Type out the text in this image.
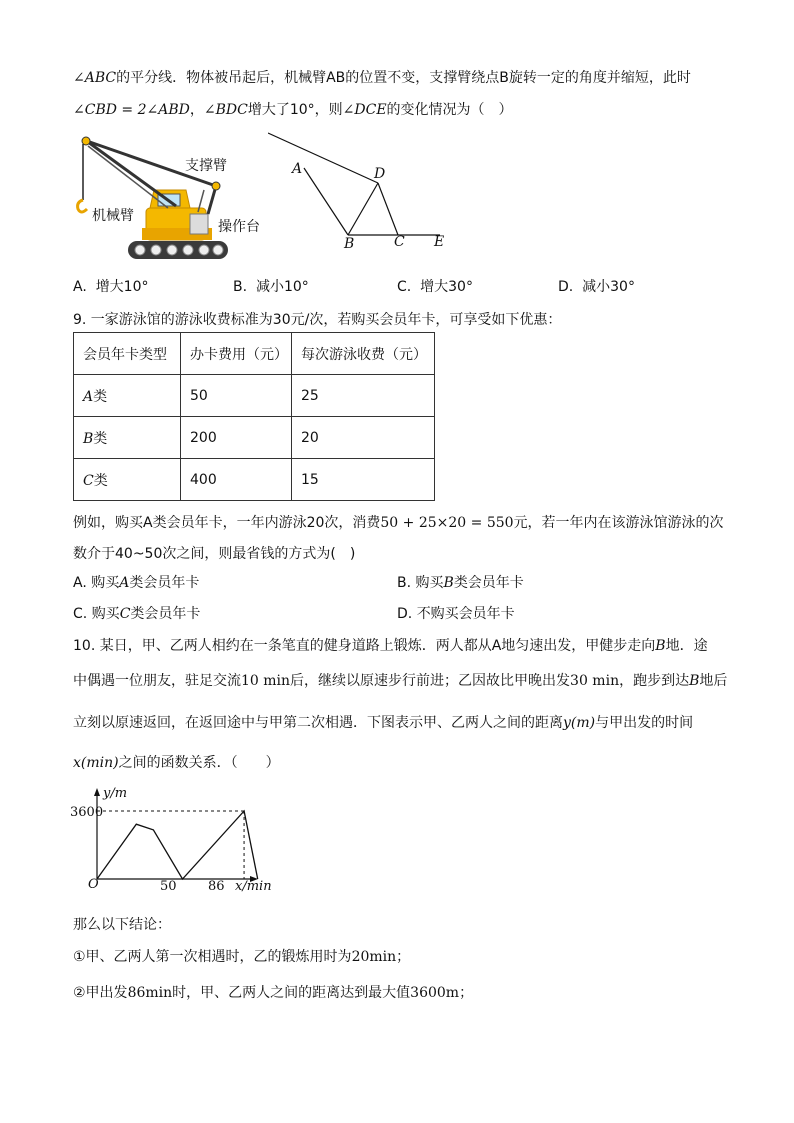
∠ABC的平分线．物体被吊起后，机械臂AB的位置不变，支撑臂绕点B旋转一定的角度并缩短，此时
∠CBD = 2∠ABD，∠BDC增大了10°，则∠DCE的变化情况为（　）
支撑臂
机械臂
操作台
A	D
B	C E
A. 增大10°	B. 减小10°	C. 增大30°	D. 减小30°
9. 一家游泳馆的游泳收费标准为30元/次，若购买会员年卡，可享受如下优惠：
会员年卡类型	办卡费用（元）	每次游泳收费（元）
A类	50	25
B类	200	20
C类	400	15
例如，购买A类会员年卡，一年内游泳20次，消费50 + 25×20 = 550元，若一年内在该游泳馆游泳的次
数介于40~50次之间，则最省钱的方式为(　)
A. 购买A类会员年卡	B. 购买B类会员年卡
C. 购买C类会员年卡	D. 不购买会员年卡
10. 某日，甲、乙两人相约在一条笔直的健身道路上锻炼．两人都从A地匀速出发，甲健步走向B地．途
中偶遇一位朋友，驻足交流10 min后，继续以原速步行前进；乙因故比甲晚出发30 min，跑步到达B地后
立刻以原速返回，在返回途中与甲第二次相遇．下图表示甲、乙两人之间的距离y(m)与甲出发的时间
x(min)之间的函数关系．（　　）
y/m
3600
O	50 86 x/min
那么以下结论：
①甲、乙两人第一次相遇时，乙的锻炼用时为20min；
②甲出发86min时，甲、乙两人之间的距离达到最大值3600m；
